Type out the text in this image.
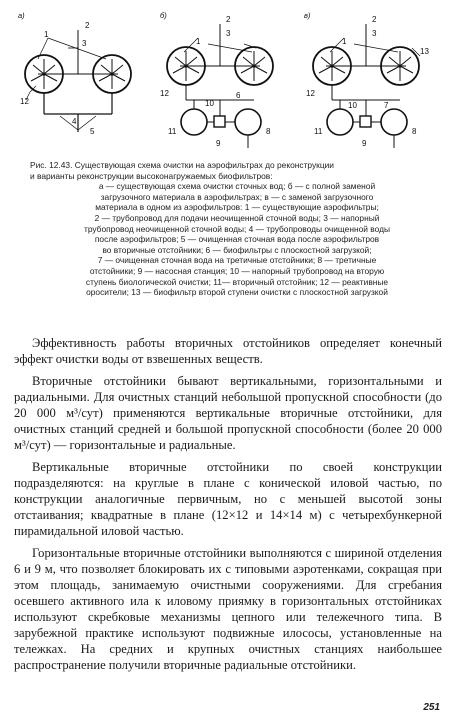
а)
1
2
3
12
4
5
б)	2
3
1
12
10
6
11
9
8
в)	2
3
1
10
12
7
11
9
8
13

Рис. 12.43. Существующая схема очистки на аэрофильтрах до реконструкции

и варианты реконструкции высоконагружаемых биофильтров:

а — существующая схема очистки сточных вод; б — с полной заменой

загрузочного материала в аэрофильтрах; в — с заменой загрузочного

материала в одном из аэрофильтров: 1 — существующие аэрофильтры;

2 — трубопровод для подачи неочищенной сточной воды; 3 — напорный

трубопровод неочищенной сточной воды; 4 — трубопроводы очищенной воды

после аэрофильтров; 5 — очищенная сточная вода после аэрофильтров

во вторичные отстойники; 6 — биофильтры с плоскостной загрузкой;

7 — очищенная сточная вода на третичные отстойники; 8 — третичные

отстойники; 9 — насосная станция; 10 — напорный трубопровод на вторую

ступень биологической очистки; 11— вторичный отстойник; 12 — реактивные

оросители; 13 — биофильтр второй ступени очистки с плоскостной загрузкой

Эффективность работы вторичных отстойников определяет конечный эффект очистки воды от взвешенных веществ.

Вторичные отстойники бывают вертикальными, горизонтальными и радиальными. Для очистных станций небольшой пропускной способности (до 20 000 м³/сут) применяются вертикальные вторичные отстойники, для очистных станций средней и большой пропускной способности (более 20 000 м³/сут) — горизонтальные и радиальные.

Вертикальные вторичные отстойники по своей конструкции подразделяются: на круглые в плане с конической иловой частью, по конструкции аналогичные первичным, но с меньшей высотой зоны отстаивания; квадратные в плане (12×12 и 14×14 м) с четырехбункерной пирамидальной иловой частью.

Горизонтальные вторичные отстойники выполняются с шириной отделения 6 и 9 м, что позволяет блокировать их с типовыми аэротенками, сокращая при этом площадь, занимаемую очистными сооружениями. Для сгребания осевшего активного ила к иловому приямку в горизонтальных отстойниках используют скребковые механизмы цепного или тележечного типа. В зарубежной практике используют подвижные илососы, установленные на тележках. На средних и крупных очистных станциях наибольшее распространение получили вторичные радиальные отстойники.

251
